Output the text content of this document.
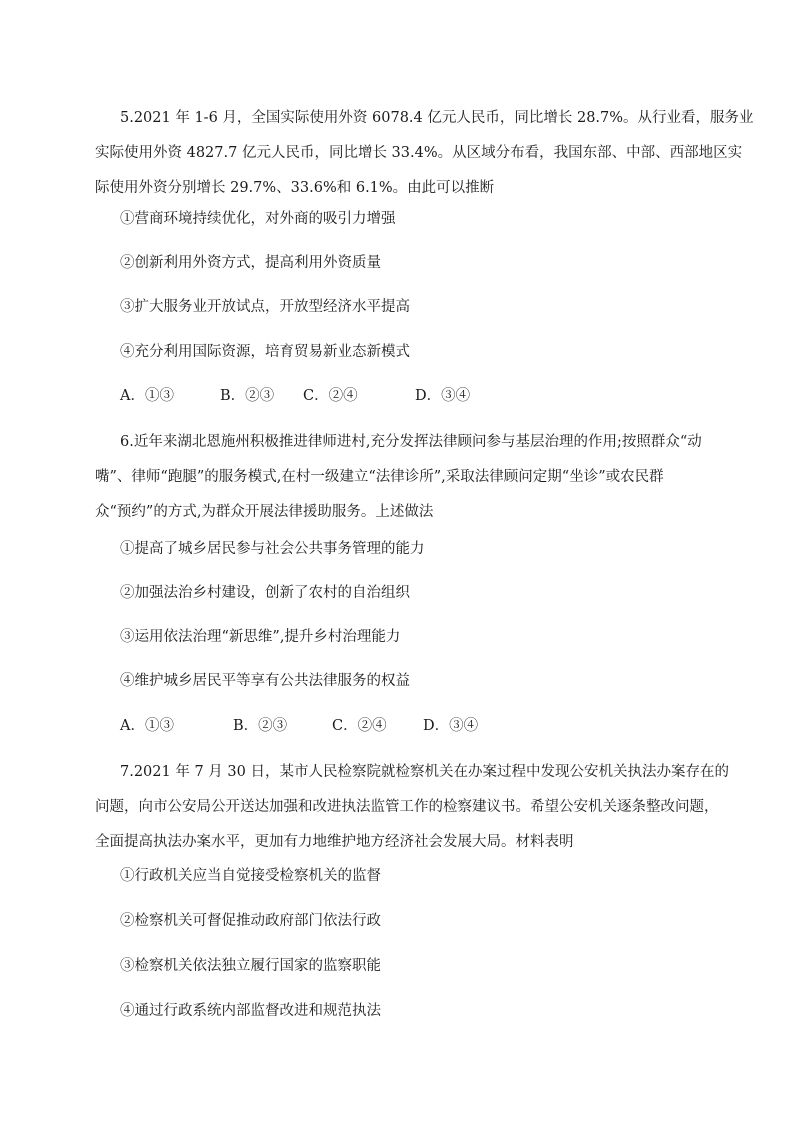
5.2021 年 1-6 月，全国实际使用外资 6078.4 亿元人民币，同比增长 28.7%。从行业看，服务业
实际使用外资 4827.7 亿元人民币，同比增长 33.4%。从区域分布看，我国东部、中部、西部地区实
际使用外资分别增长 29.7%、33.6%和 6.1%。由此可以推断
①营商环境持续优化，对外商的吸引力增强
②创新利用外资方式，提高利用外资质量
③扩大服务业开放试点，开放型经济水平提高
④充分利用国际资源，培育贸易新业态新模式
A．①③	B．②③ C．②④	D．③④
6.近年来湖北恩施州积极推进律师进村,充分发挥法律顾问参与基层治理的作用;按照群众“动
嘴”、律师“跑腿”的服务模式,在村一级建立“法律诊所”,采取法律顾问定期“坐诊”或农民群
众“预约”的方式,为群众开展法律援助服务。上述做法
①提高了城乡居民参与社会公共事务管理的能力
②加强法治乡村建设，创新了农村的自治组织
③运用依法治理“新思维”,提升乡村治理能力
④维护城乡居民平等享有公共法律服务的权益
A．①③	B．②③	C．②④	D．③④
7.2021 年 7 月 30 日，某市人民检察院就检察机关在办案过程中发现公安机关执法办案存在的
问题，向市公安局公开送达加强和改进执法监管工作的检察建议书。希望公安机关逐条整改问题，
全面提高执法办案水平，更加有力地维护地方经济社会发展大局。材料表明
①行政机关应当自觉接受检察机关的监督
②检察机关可督促推动政府部门依法行政
③检察机关依法独立履行国家的监察职能
④通过行政系统内部监督改进和规范执法
